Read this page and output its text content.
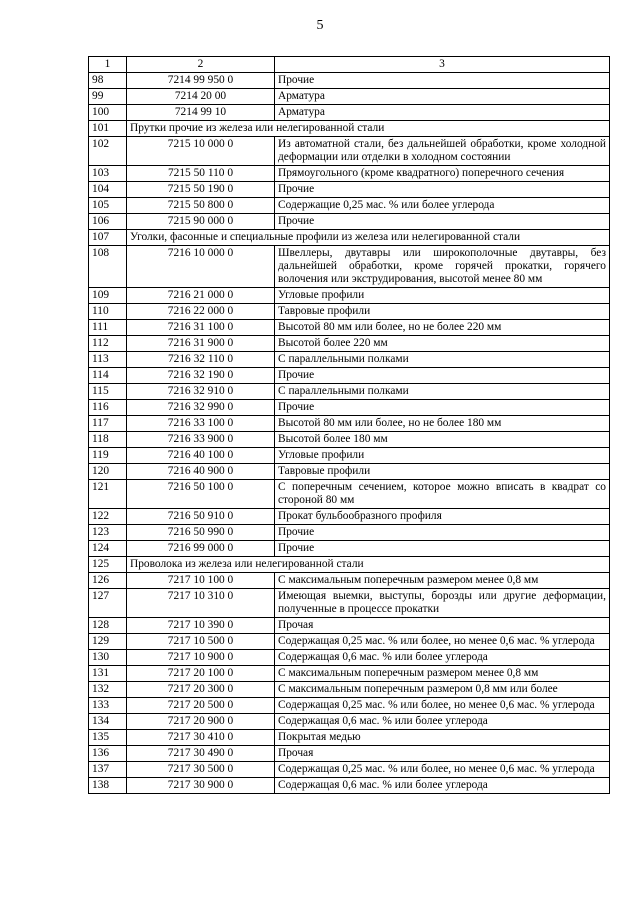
5
1	2	3
98	7214 99 950 0	Прочие
99	7214 20 00	Арматура
100	7214 99 10	Арматура
101	Прутки прочие из железа или нелегированной стали	
102	7215 10 000 0	Из автоматной стали, без дальнейшей обработки, кроме холодной деформации или отделки в холодном состоянии
103	7215 50 110 0	Прямоугольного (кроме квадратного) поперечного сечения
104	7215 50 190 0	Прочие
105	7215 50 800 0	Содержащие 0,25 мас. % или более углерода
106	7215 90 000 0	Прочие
107	Уголки, фасонные и специальные профили из железа или нелегированной стали	
108	7216 10 000 0	Швеллеры, двутавры или широкополочные двутавры, без дальнейшей обработки, кроме горячей прокатки, горячего волочения или экструдирования, высотой менее 80 мм
109	7216 21 000 0	Угловые профили
110	7216 22 000 0	Тавровые профили
111	7216 31 100 0	Высотой 80 мм или более, но не более 220 мм
112	7216 31 900 0	Высотой более 220 мм
113	7216 32 110 0	С параллельными полками
114	7216 32 190 0	Прочие
115	7216 32 910 0	С параллельными полками
116	7216 32 990 0	Прочие
117	7216 33 100 0	Высотой 80 мм или более, но не более 180 мм
118	7216 33 900 0	Высотой более 180 мм
119	7216 40 100 0	Угловые профили
120	7216 40 900 0	Тавровые профили
121	7216 50 100 0	С поперечным сечением, которое можно вписать в квадрат со стороной 80 мм
122	7216 50 910 0	Прокат бульбообразного профиля
123	7216 50 990 0	Прочие
124	7216 99 000 0	Прочие
125	Проволока из железа или нелегированной стали	
126	7217 10 100 0	С максимальным поперечным размером менее 0,8 мм
127	7217 10 310 0	Имеющая выемки, выступы, борозды или другие деформации, полученные в процессе прокатки
128	7217 10 390 0	Прочая
129	7217 10 500 0	Содержащая 0,25 мас. % или более, но менее 0,6 мас. % углерода
130	7217 10 900 0	Содержащая 0,6 мас. % или более углерода
131	7217 20 100 0	С максимальным поперечным размером менее 0,8 мм
132	7217 20 300 0	С максимальным поперечным размером 0,8 мм или более
133	7217 20 500 0	Содержащая 0,25 мас. % или более, но менее 0,6 мас. % углерода
134	7217 20 900 0	Содержащая 0,6 мас. % или более углерода
135	7217 30 410 0	Покрытая медью
136	7217 30 490 0	Прочая
137	7217 30 500 0	Содержащая 0,25 мас. % или более, но менее 0,6 мас. % углерода
138	7217 30 900 0	Содержащая 0,6 мас. % или более углерода
